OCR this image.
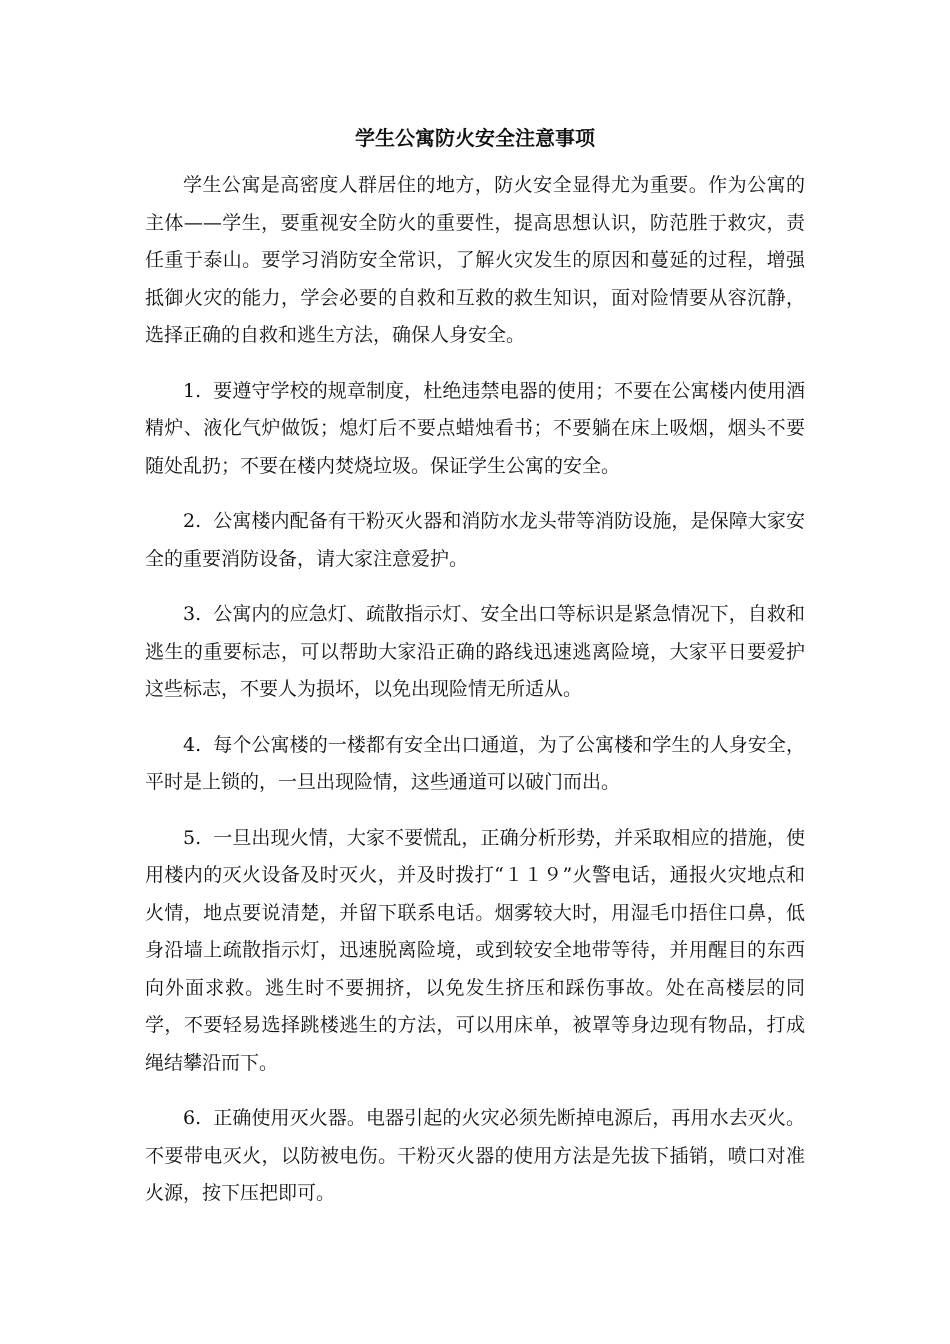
学生公寓防火安全注意事项

学生公寓是高密度人群居住的地方，防火安全显得尤为重要。作为公寓的主体——学生，要重视安全防火的重要性，提高思想认识，防范胜于救灾，责任重于泰山。要学习消防安全常识，了解火灾发生的原因和蔓延的过程，增强抵御火灾的能力，学会必要的自救和互救的救生知识，面对险情要从容沉静，选择正确的自救和逃生方法，确保人身安全。

1. 要遵守学校的规章制度，杜绝违禁电器的使用；不要在公寓楼内使用酒精炉、液化气炉做饭；熄灯后不要点蜡烛看书；不要躺在床上吸烟，烟头不要随处乱扔；不要在楼内焚烧垃圾。保证学生公寓的安全。

2. 公寓楼内配备有干粉灭火器和消防水龙头带等消防设施，是保障大家安全的重要消防设备，请大家注意爱护。

3. 公寓内的应急灯、疏散指示灯、安全出口等标识是紧急情况下，自救和逃生的重要标志，可以帮助大家沿正确的路线迅速逃离险境，大家平日要爱护这些标志，不要人为损坏，以免出现险情无所适从。

4. 每个公寓楼的一楼都有安全出口通道，为了公寓楼和学生的人身安全，平时是上锁的，一旦出现险情，这些通道可以破门而出。

5. 一旦出现火情，大家不要慌乱，正确分析形势，并采取相应的措施，使用楼内的灭火设备及时灭火，并及时拨打“１１９”火警电话，通报火灾地点和火情，地点要说清楚，并留下联系电话。烟雾较大时，用湿毛巾捂住口鼻，低身沿墙上疏散指示灯，迅速脱离险境，或到较安全地带等待，并用醒目的东西向外面求救。逃生时不要拥挤，以免发生挤压和踩伤事故。处在高楼层的同学，不要轻易选择跳楼逃生的方法，可以用床单，被罩等身边现有物品，打成绳结攀沿而下。

6. 正确使用灭火器。电器引起的火灾必须先断掉电源后，再用水去灭火。不要带电灭火，以防被电伤。干粉灭火器的使用方法是先拔下插销，喷口对准火源，按下压把即可。
